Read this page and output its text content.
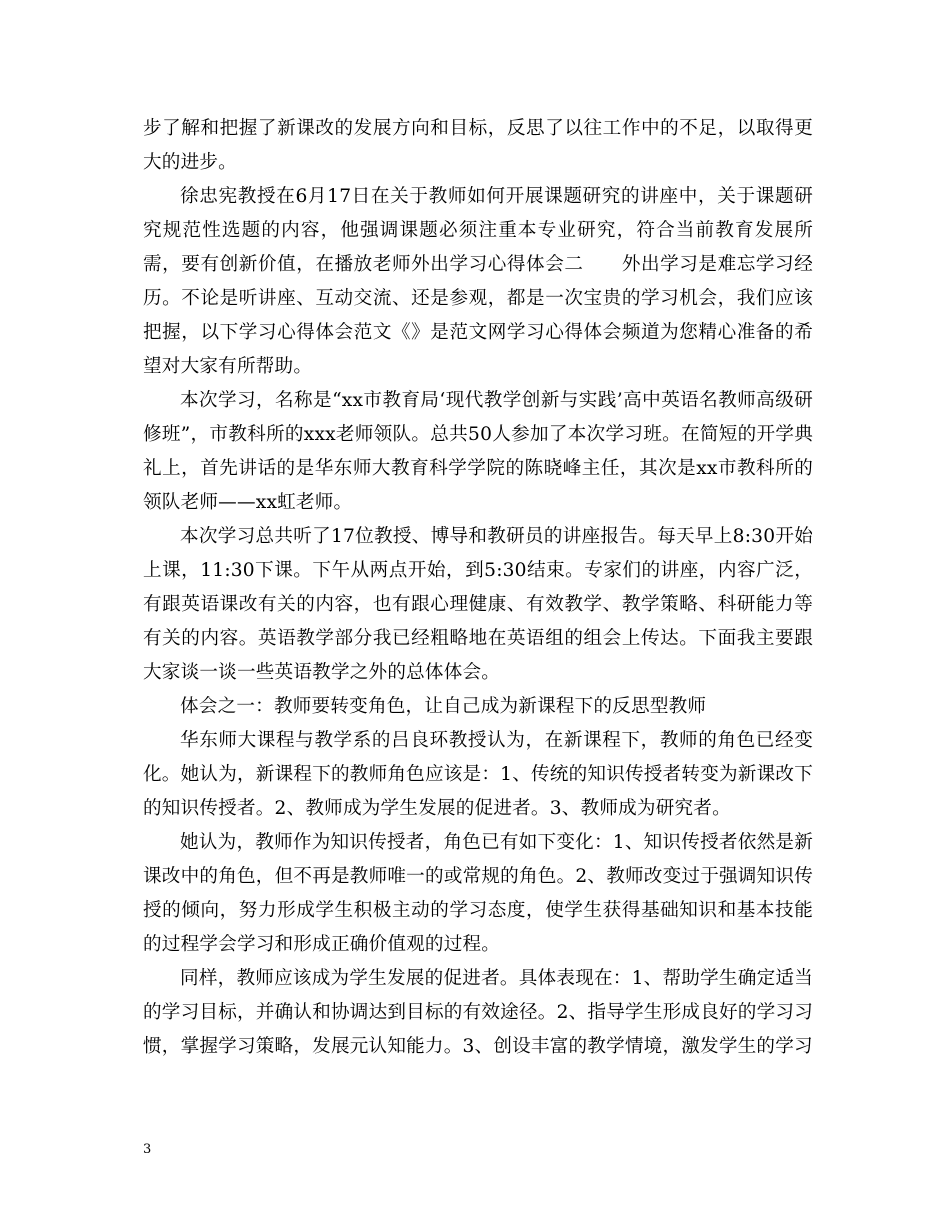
步了解和把握了新课改的发展方向和目标，反思了以往工作中的不足，以取得更大的进步。

徐忠宪教授在6月17日在关于教师如何开展课题研究的讲座中，关于课题研究规范性选题的内容，他强调课题必须注重本专业研究，符合当前教育发展所需，要有创新价值，在播放老师外出学习心得体会二　　外出学习是难忘学习经历。不论是听讲座、互动交流、还是参观，都是一次宝贵的学习机会，我们应该把握，以下学习心得体会范文《》是范文网学习心得体会频道为您精心准备的希望对大家有所帮助。

本次学习，名称是“xx市教育局‘现代教学创新与实践’高中英语名教师高级研修班”，市教科所的xxx老师领队。总共50人参加了本次学习班。在简短的开学典礼上，首先讲话的是华东师大教育科学学院的陈晓峰主任，其次是xx市教科所的领队老师——xx虹老师。

本次学习总共听了17位教授、博导和教研员的讲座报告。每天早上8:30开始上课，11:30下课。下午从两点开始，到5:30结束。专家们的讲座，内容广泛，有跟英语课改有关的内容，也有跟心理健康、有效教学、教学策略、科研能力等有关的内容。英语教学部分我已经粗略地在英语组的组会上传达。下面我主要跟大家谈一谈一些英语教学之外的总体体会。

体会之一：教师要转变角色，让自己成为新课程下的反思型教师

华东师大课程与教学系的吕良环教授认为，在新课程下，教师的角色已经变化。她认为，新课程下的教师角色应该是：1、传统的知识传授者转变为新课改下的知识传授者。2、教师成为学生发展的促进者。3、教师成为研究者。

她认为，教师作为知识传授者，角色已有如下变化：1、知识传授者依然是新课改中的角色，但不再是教师唯一的或常规的角色。2、教师改变过于强调知识传授的倾向，努力形成学生积极主动的学习态度，使学生获得基础知识和基本技能的过程学会学习和形成正确价值观的过程。

同样，教师应该成为学生发展的促进者。具体表现在：1、帮助学生确定适当的学习目标，并确认和协调达到目标的有效途径。2、指导学生形成良好的学习习惯，掌握学习策略，发展元认知能力。3、创设丰富的教学情境，激发学生的学习

3
